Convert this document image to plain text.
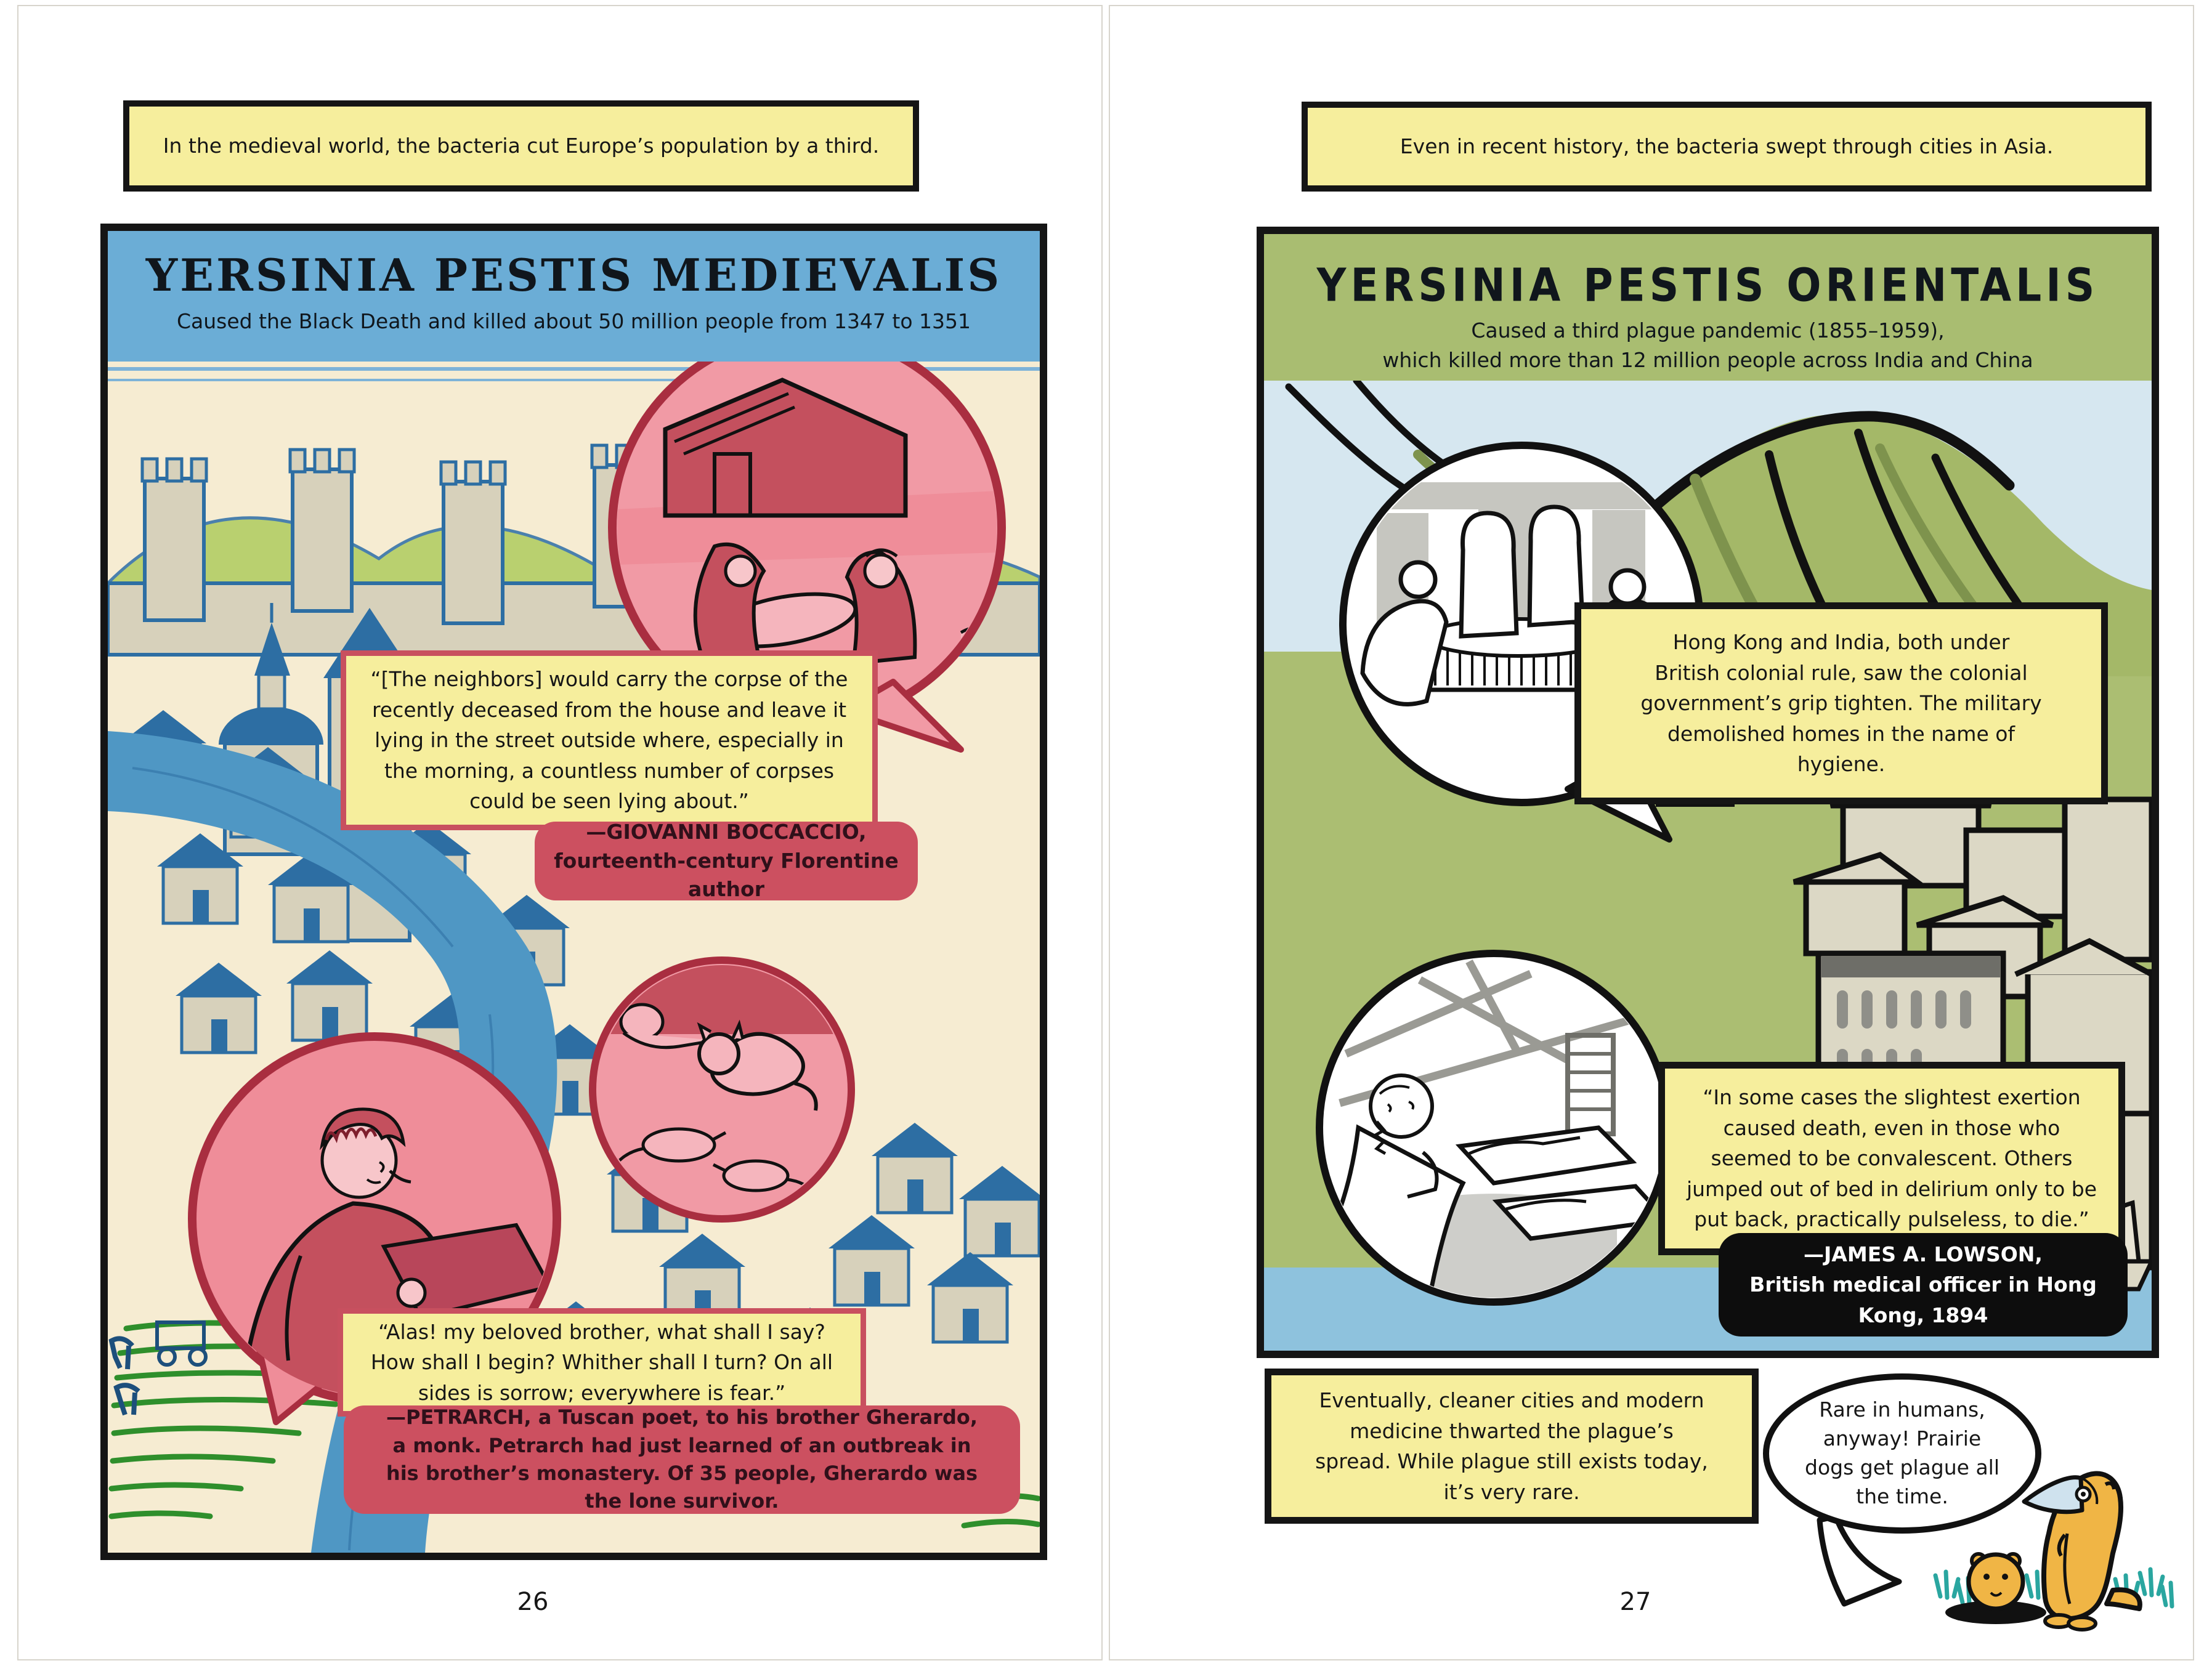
In the medieval world, the bacteria cut Europe’s population by a third.
YERSINIA PESTIS MEDIEVALIS
Caused the Black Death and killed about 50 million people from 1347 to 1351
“[The neighbors] would carry the corpse of the recently deceased from the house and leave it lying in the street outside where, especially in the morning, a countless number of corpses could be seen lying about.”
—GIOVANNI BOCCACCIO,
fourteenth-century Florentine author
“Alas! my beloved brother, what shall I say? How shall I begin? Whither shall I turn? On all sides is sorrow; everywhere is fear.”
—PETRARCH, a Tuscan poet, to his brother Gherardo, a monk. Petrarch had just learned of an outbreak in his brother’s monastery. Of 35 people, Gherardo was the lone survivor.
26
Even in recent history, the bacteria swept through cities in Asia.
YERSINIA PESTIS ORIENTALIS
Caused a third plague pandemic (1855–1959),
which killed more than 12 million people across India and China
Hong Kong and India, both under British colonial rule, saw the colonial government’s grip tighten. The military demolished homes in the name of hygiene.
“In some cases the slightest exertion caused death, even in those who seemed to be convalescent. Others jumped out of bed in delirium only to be put back, practically pulseless, to die.”
—JAMES A. LOWSON,
British medical officer in Hong Kong, 1894
Eventually, cleaner cities and modern medicine thwarted the plague’s spread. While plague still exists today, it’s very rare.
Rare in humans, anyway! Prairie dogs get plague all the time.
27
